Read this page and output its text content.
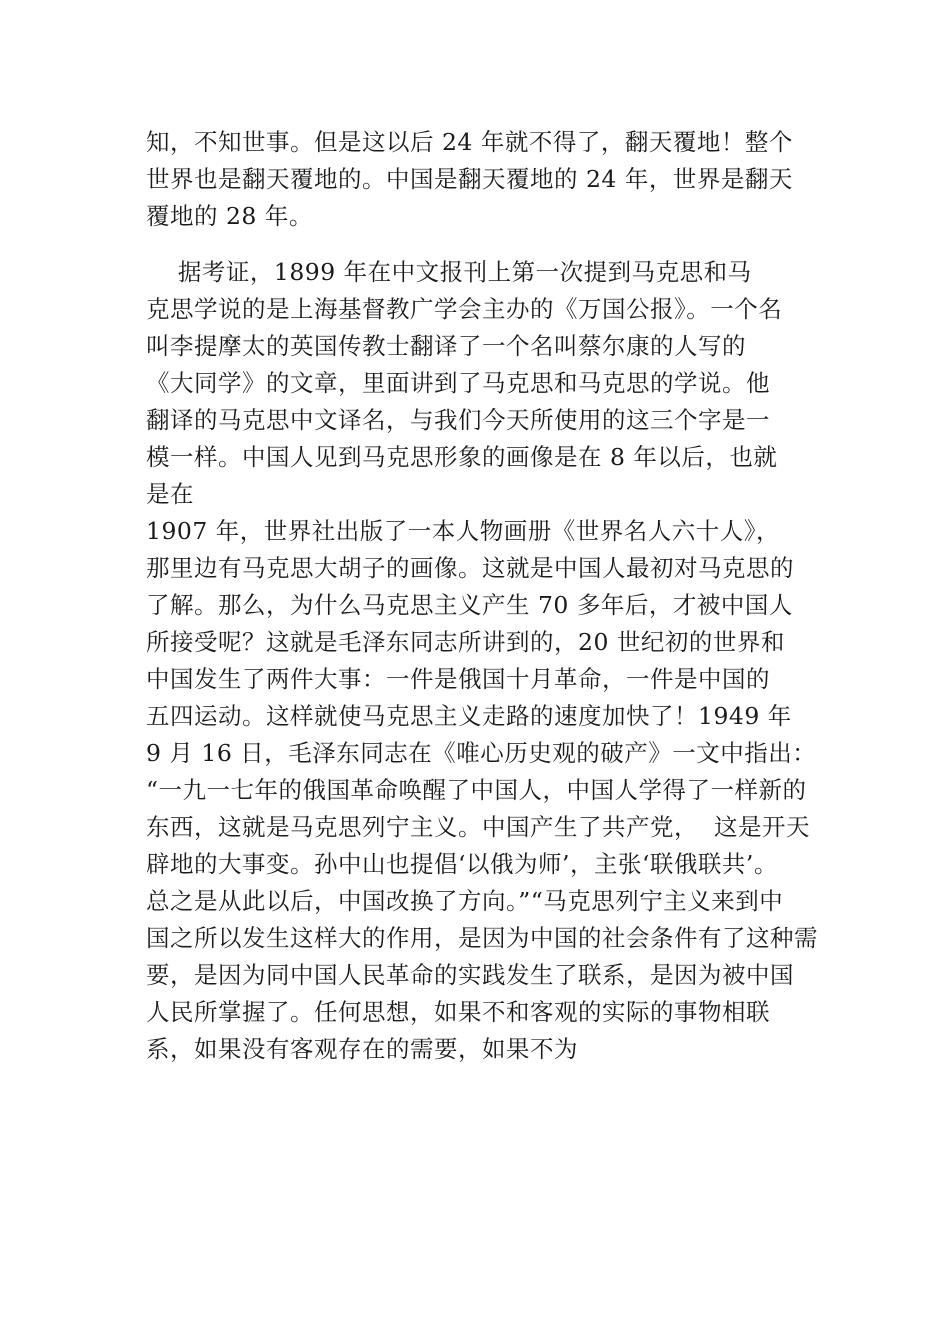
知，不知世事。但是这以后 24 年就不得了，翻天覆地！整个
世界也是翻天覆地的。中国是翻天覆地的 24 年，世界是翻天
覆地的 28 年。
据考证，1899 年在中文报刊上第一次提到马克思和马
克思学说的是上海基督教广学会主办的《万国公报》。一个名
叫李提摩太的英国传教士翻译了一个名叫蔡尔康的人写的
《大同学》的文章，里面讲到了马克思和马克思的学说。他
翻译的马克思中文译名，与我们今天所使用的这三个字是一
模一样。中国人见到马克思形象的画像是在 8 年以后，也就
是在
1907 年，世界社出版了一本人物画册《世界名人六十人》，
那里边有马克思大胡子的画像。这就是中国人最初对马克思的
了解。那么，为什么马克思主义产生 70 多年后，才被中国人
所接受呢？这就是毛泽东同志所讲到的，20 世纪初的世界和
中国发生了两件大事：一件是俄国十月革命，一件是中国的
五四运动。这样就使马克思主义走路的速度加快了！1949 年
9 月 16 日，毛泽东同志在《唯心历史观的破产》一文中指出：
“一九一七年的俄国革命唤醒了中国人，中国人学得了一样新的
东西，这就是马克思列宁主义。中国产生了共产党，  这是开天
辟地的大事变。孙中山也提倡‘以俄为师’，主张‘联俄联共’。
总之是从此以后，中国改换了方向。”“马克思列宁主义来到中
国之所以发生这样大的作用，是因为中国的社会条件有了这种需
要，是因为同中国人民革命的实践发生了联系，是因为被中国
人民所掌握了。任何思想，如果不和客观的实际的事物相联
系，如果没有客观存在的需要，如果不为
